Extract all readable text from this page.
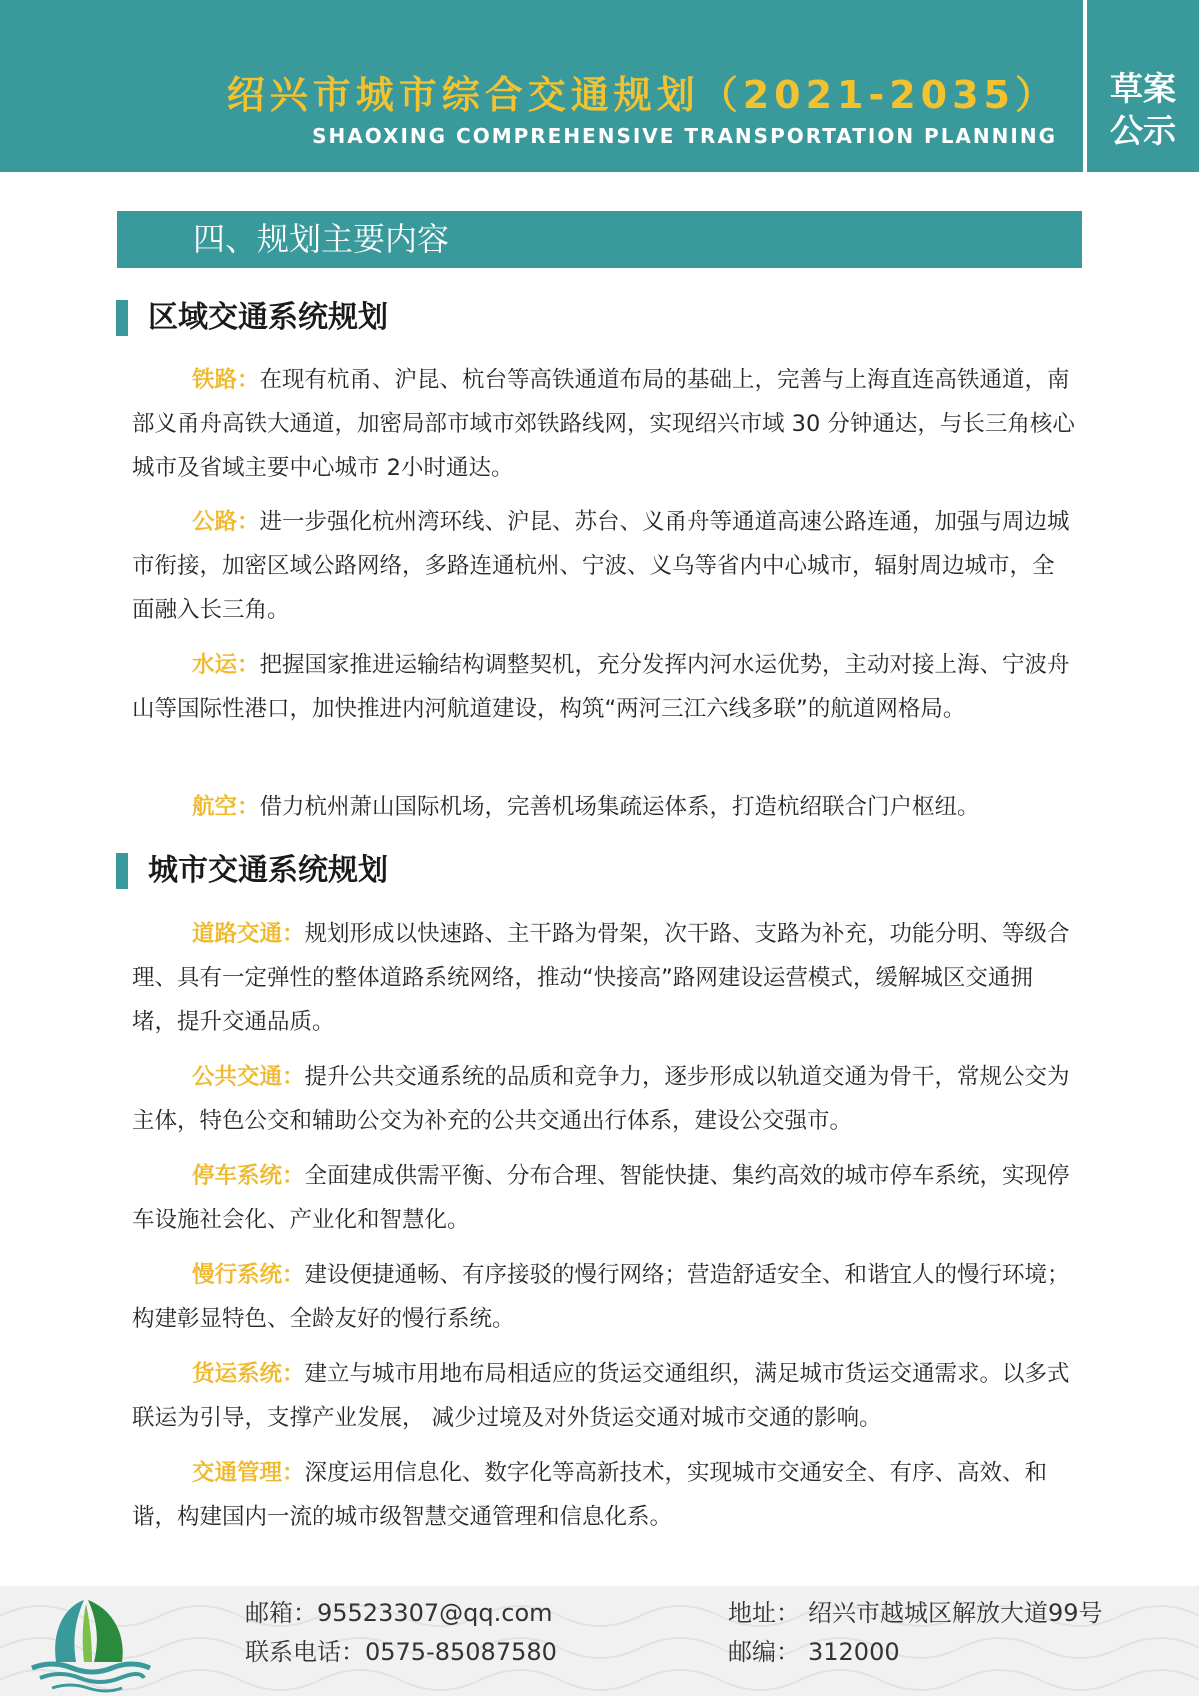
绍兴市城市综合交通规划（2021-2035）
SHAOXING COMPREHENSIVE TRANSPORTATION PLANNING
草案
公示
四、规划主要内容
区域交通系统规划

铁路：在现有杭甬、沪昆、杭台等高铁通道布局的基础上，完善与上海直连高铁通道，南部义甬舟高铁大通道，加密局部市域市郊铁路线网，实现绍兴市域 30 分钟通达，与长三角核心城市及省域主要中心城市 2小时通达。

公路：进一步强化杭州湾环线、沪昆、苏台、义甬舟等通道高速公路连通，加强与周边城市衔接，加密区域公路网络，多路连通杭州、宁波、义乌等省内中心城市，辐射周边城市，全面融入长三角。

水运：把握国家推进运输结构调整契机，充分发挥内河水运优势，主动对接上海、宁波舟山等国际性港口，加快推进内河航道建设，构筑“两河三江六线多联”的航道网格局。

航空：借力杭州萧山国际机场，完善机场集疏运体系，打造杭绍联合门户枢纽。

城市交通系统规划

道路交通：规划形成以快速路、主干路为骨架，次干路、支路为补充，功能分明、等级合理、具有一定弹性的整体道路系统网络，推动“快接高”路网建设运营模式，缓解城区交通拥堵，提升交通品质。

公共交通：提升公共交通系统的品质和竞争力，逐步形成以轨道交通为骨干，常规公交为主体，特色公交和辅助公交为补充的公共交通出行体系，建设公交强市。

停车系统：全面建成供需平衡、分布合理、智能快捷、集约高效的城市停车系统，实现停车设施社会化、产业化和智慧化。

慢行系统：建设便捷通畅、有序接驳的慢行网络；营造舒适安全、和谐宜人的慢行环境；构建彰显特色、全龄友好的慢行系统。

货运系统：建立与城市用地布局相适应的货运交通组织，满足城市货运交通需求。以多式联运为引导，支撑产业发展， 减少过境及对外货运交通对城市交通的影响。

交通管理：深度运用信息化、数字化等高新技术，实现城市交通安全、有序、高效、和谐，构建国内一流的城市级智慧交通管理和信息化系。

邮箱：95523307@qq.com
联系电话：0575-85087580
地址： 绍兴市越城区解放大道99号
邮编： 312000
